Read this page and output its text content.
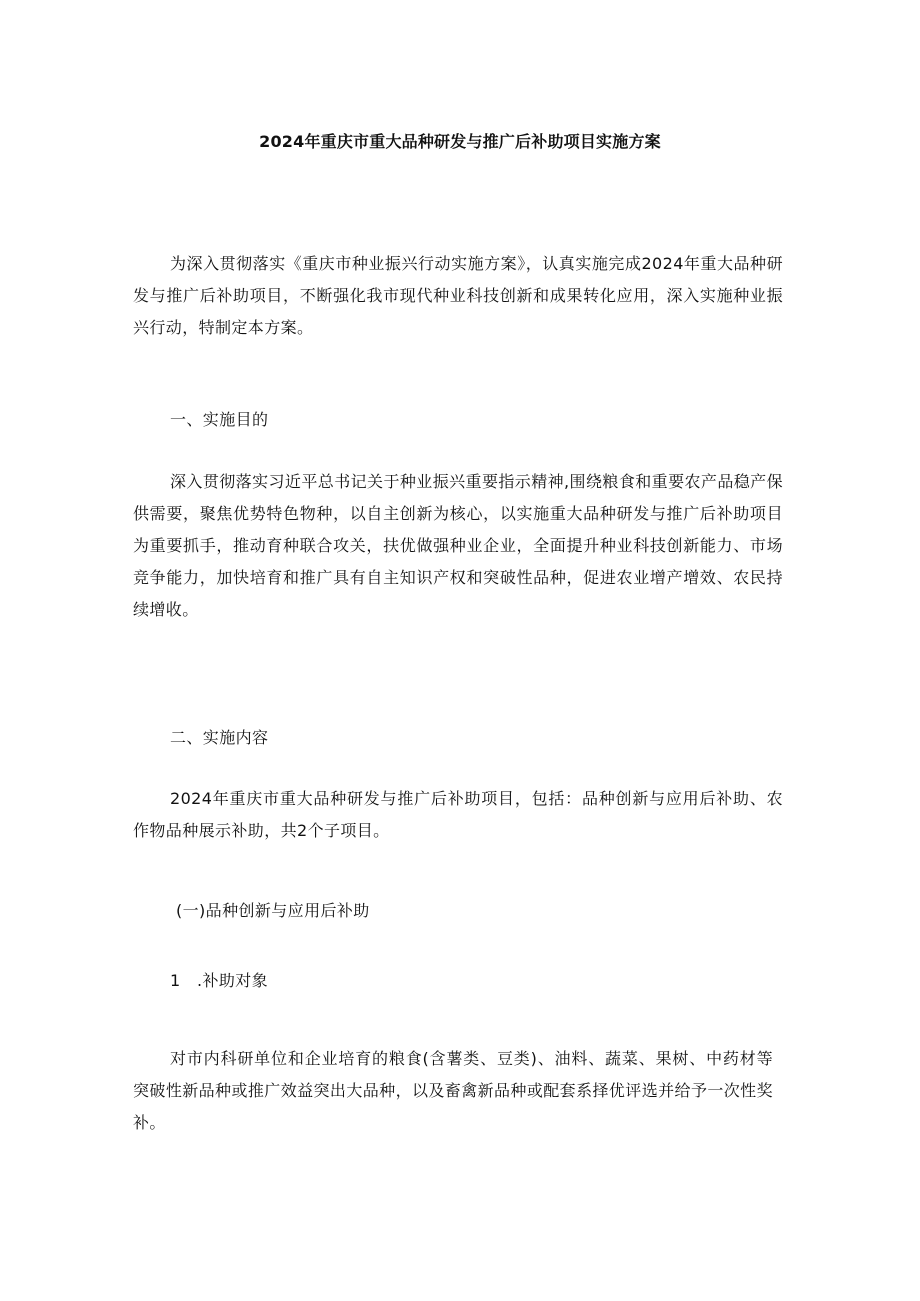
2024年重庆市重大品种研发与推广后补助项目实施方案
为深入贯彻落实《重庆市种业振兴行动实施方案》，认真实施完成2024年重大品种研发与推广后补助项目，不断强化我市现代种业科技创新和成果转化应用，深入实施种业振兴行动，特制定本方案。
一、实施目的
深入贯彻落实习近平总书记关于种业振兴重要指示精神,围绕粮食和重要农产品稳产保供需要，聚焦优势特色物种，以自主创新为核心，以实施重大品种研发与推广后补助项目为重要抓手，推动育种联合攻关，扶优做强种业企业，全面提升种业科技创新能力、市场竞争能力，加快培育和推广具有自主知识产权和突破性品种，促进农业增产增效、农民持续增收。
二、实施内容
2024年重庆市重大品种研发与推广后补助项目，包括：品种创新与应用后补助、农作物品种展示补助，共2个子项目。
(一)品种创新与应用后补助
1　.补助对象
对市内科研单位和企业培育的粮食(含薯类、豆类)、油料、蔬菜、果树、中药材等突破性新品种或推广效益突出大品种，以及畜禽新品种或配套系择优评选并给予一次性奖补。
